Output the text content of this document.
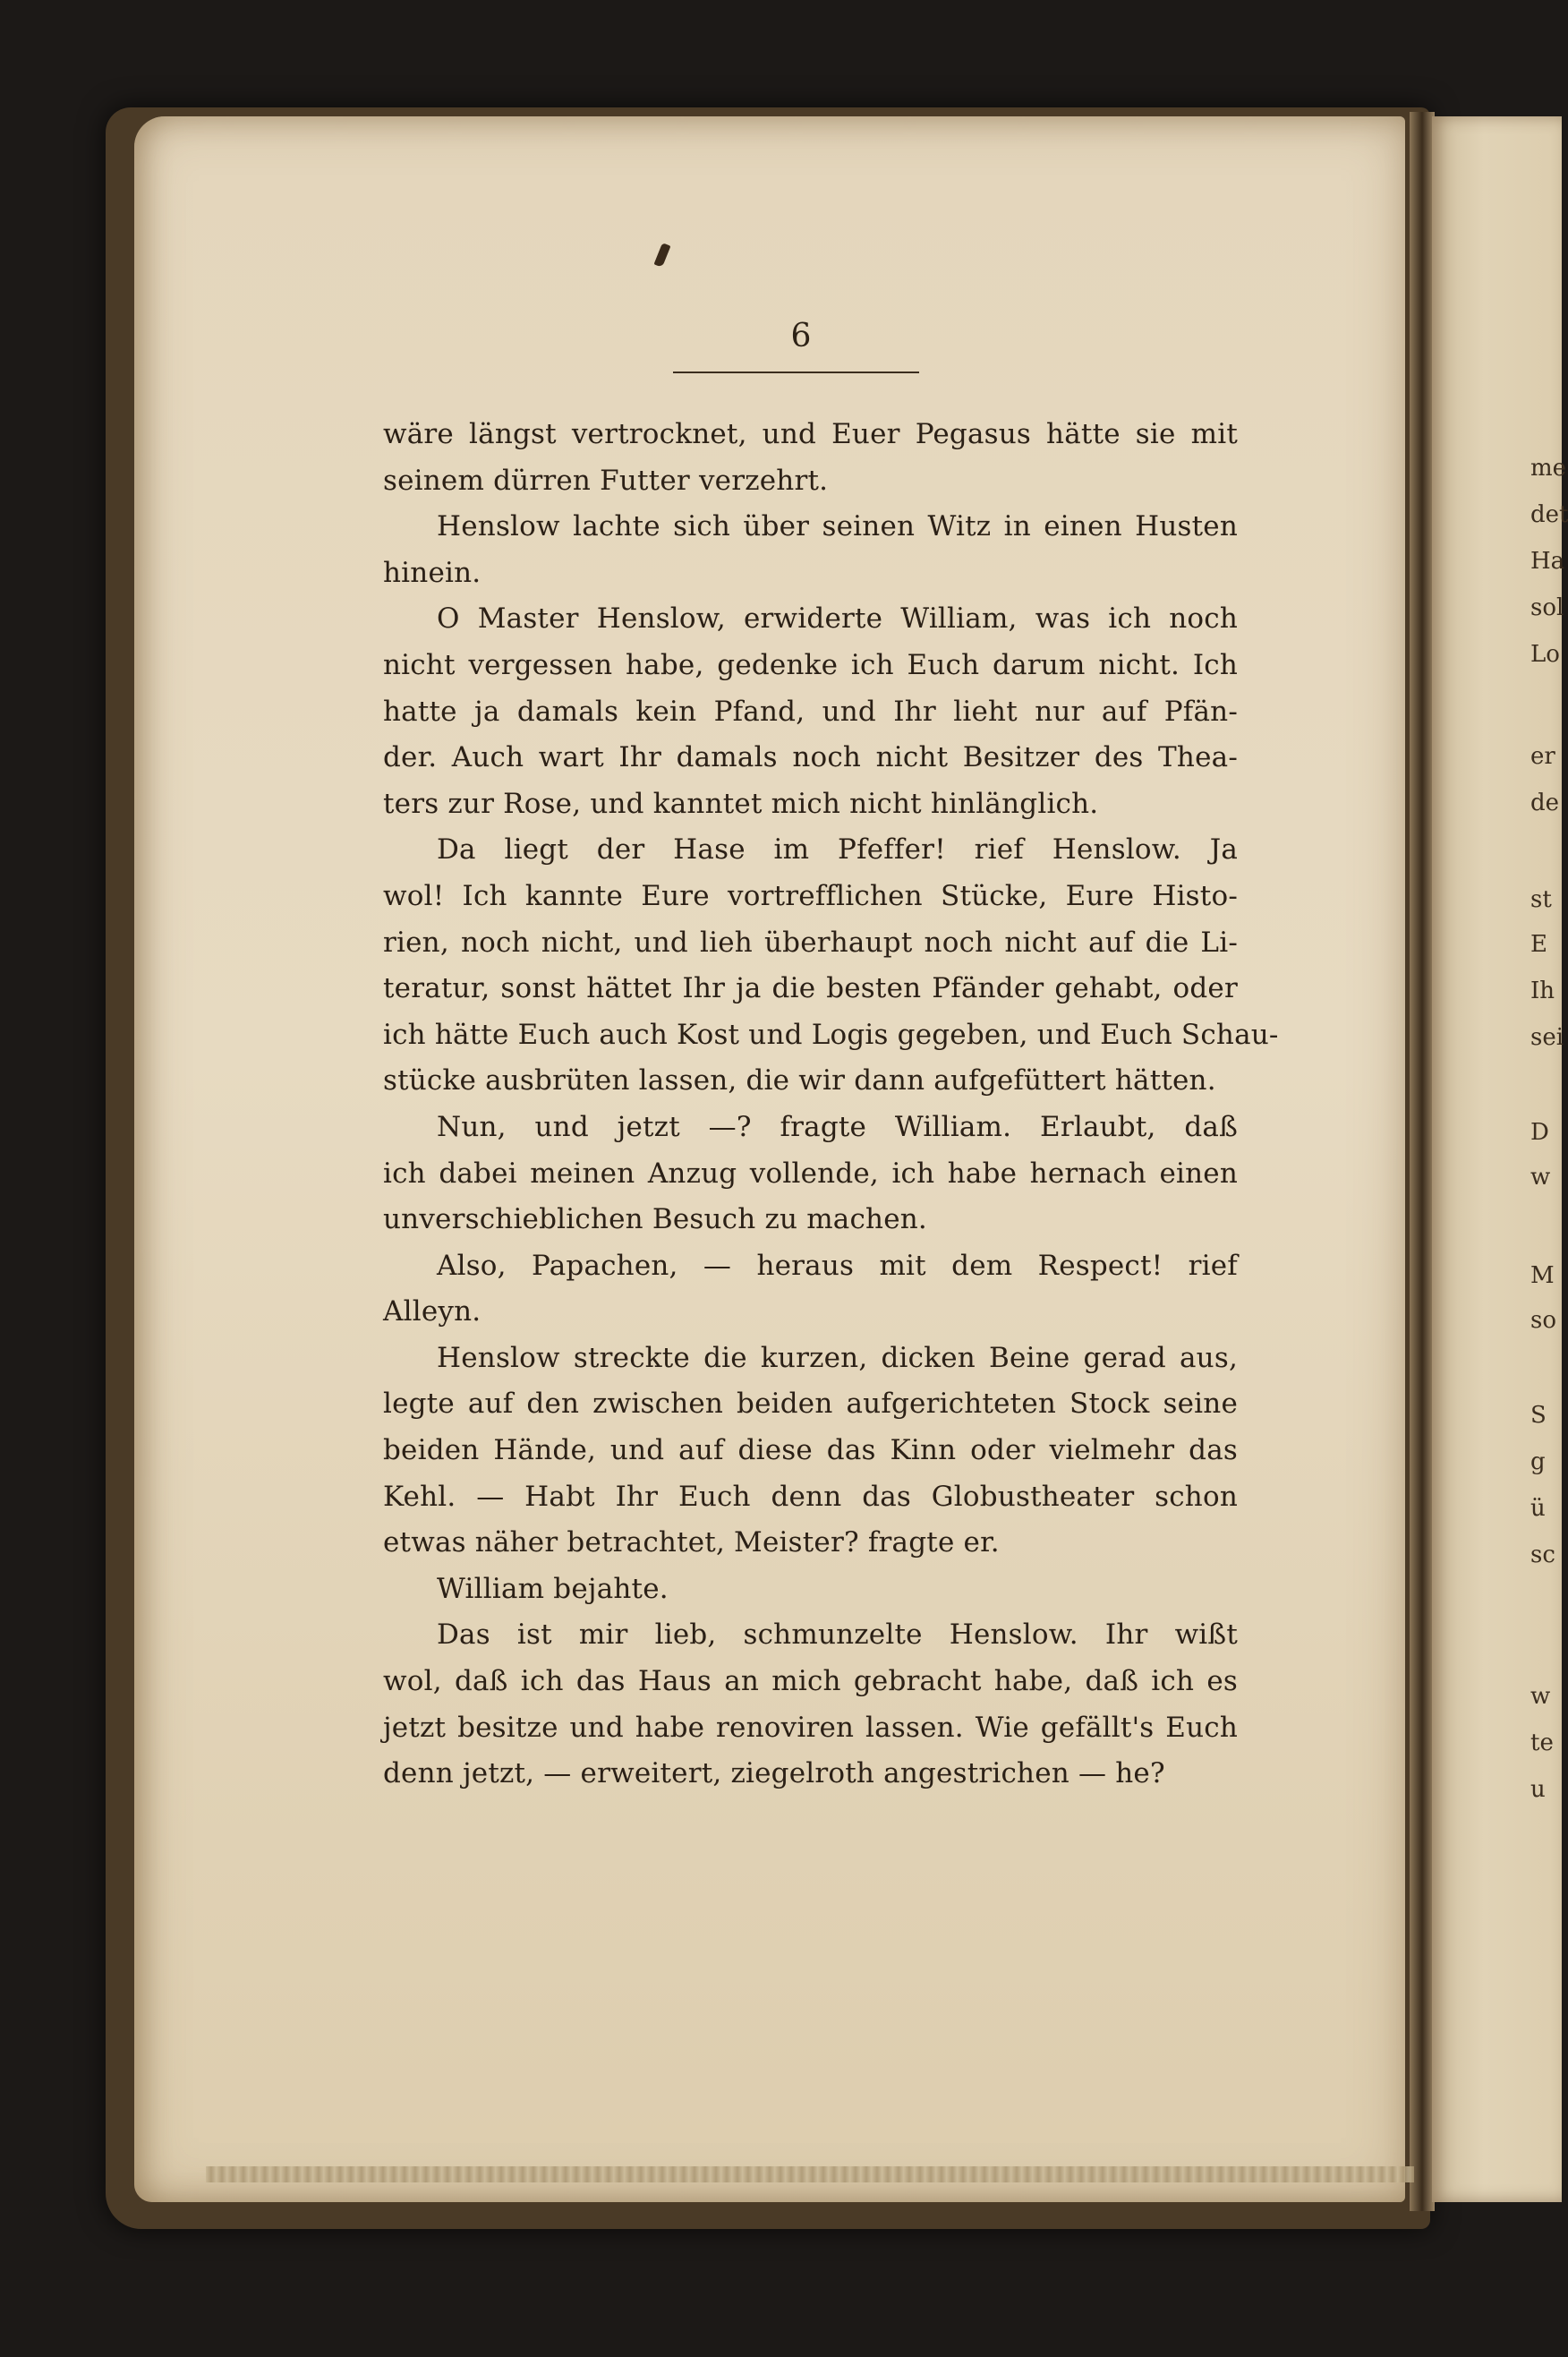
6
wäre längst vertrocknet, und Euer Pegasus hätte sie mit
seinem dürren Futter verzehrt.
Henslow lachte sich über seinen Witz in einen Husten
hinein.
O Master Henslow, erwiderte William, was ich noch
nicht vergessen habe, gedenke ich Euch darum nicht. Ich
hatte ja damals kein Pfand, und Ihr lieht nur auf Pfän-
der. Auch wart Ihr damals noch nicht Besitzer des Thea-
ters zur Rose, und kanntet mich nicht hinlänglich.
Da liegt der Hase im Pfeffer! rief Henslow. Ja
wol! Ich kannte Eure vortrefflichen Stücke, Eure Histo-
rien, noch nicht, und lieh überhaupt noch nicht auf die Li-
teratur, sonst hättet Ihr ja die besten Pfänder gehabt, oder
ich hätte Euch auch Kost und Logis gegeben, und Euch Schau-
stücke ausbrüten lassen, die wir dann aufgefüttert hätten.
Nun, und jetzt —? fragte William. Erlaubt, daß
ich dabei meinen Anzug vollende, ich habe hernach einen
unverschieblichen Besuch zu machen.
Also, Papachen, — heraus mit dem Respect! rief
Alleyn.
Henslow streckte die kurzen, dicken Beine gerad aus,
legte auf den zwischen beiden aufgerichteten Stock seine
beiden Hände, und auf diese das Kinn oder vielmehr das
Kehl. — Habt Ihr Euch denn das Globustheater schon
etwas näher betrachtet, Meister? fragte er.
William bejahte.
Das ist mir lieb, schmunzelte Henslow. Ihr wißt
wol, daß ich das Haus an mich gebracht habe, daß ich es
jetzt besitze und habe renoviren lassen. Wie gefällt's Euch
denn jetzt, — erweitert, ziegelroth angestrichen — he?
me
det
Ha
sol
Lo
er
de
st
E
Ih
sei
D
w
M
so
S
g
ü
sc
w
te
u
